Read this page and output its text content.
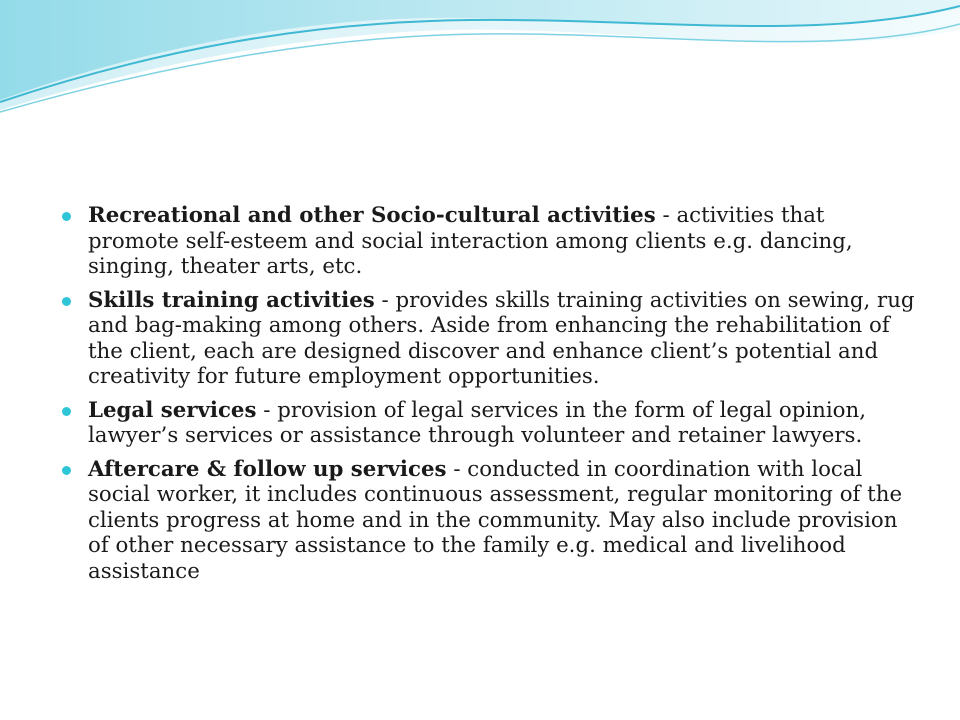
Recreational and other Socio-cultural activities - activities that promote self-esteem and social interaction among clients e.g. dancing, singing, theater arts, etc.
Skills training activities - provides skills training activities on sewing, rug and bag-making among others. Aside from enhancing the rehabilitation of the client, each are designed discover and enhance client’s potential and creativity for future employment opportunities.
Legal services - provision of legal services in the form of legal opinion, lawyer’s services or assistance through volunteer and retainer lawyers.
Aftercare & follow up services - conducted in coordination with local social worker, it includes continuous assessment, regular monitoring of the clients progress at home and in the community. May also include provision of other necessary assistance to the family e.g. medical and livelihood assistance
